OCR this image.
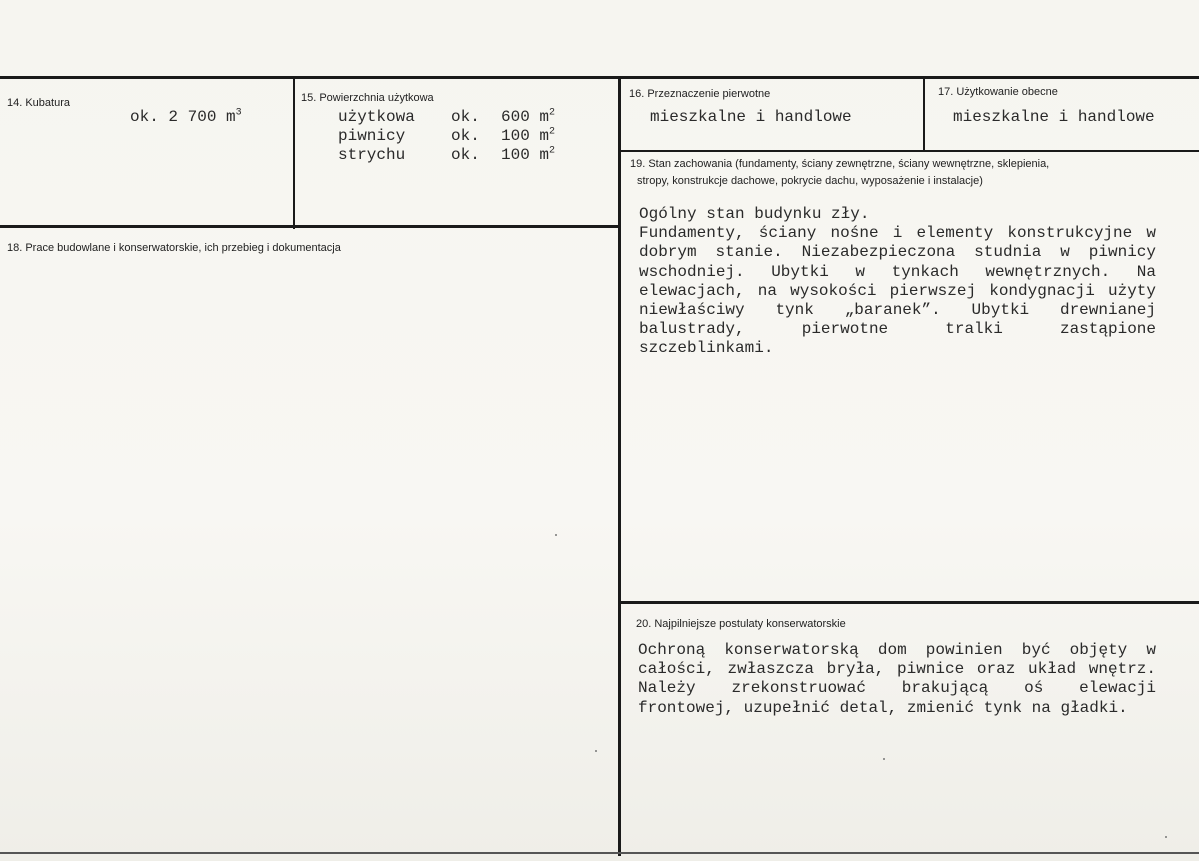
14. Kubatura
ok. 2 700 $m^3$
15. Powierzchnia użytkowa
użytkowa ok. 600 $m^2$
piwnicy	ok. 100 $m^2$
strychu	ok. 100 $m^2$
16. Przeznaczenie pierwotne
mieszkalne i handlowe
17. Użytkowanie obecne
mieszkalne i handlowe
18. Prace budowlane i konserwatorskie, ich przebieg i dokumentacja
19. Stan zachowania (fundamenty, ściany zewnętrzne, ściany wewnętrzne, sklepienia,
stropy, konstrukcje dachowe, pokrycie dachu, wyposażenie i instalacje)

Ogólny stan budynku zły.

Fundamenty, ściany nośne i elementy konstrukcyjne w dobrym stanie. Niezabezpieczona studnia w piwnicy wschodniej. Ubytki w tynkach wewnętrznych. Na elewacjach, na wysokości pierwszej kondygnacji użyty niewłaściwy tynk „baranek”. Ubytki drewnianej balustrady, pierwotne tralki zastąpione szczeblinkami.

20. Najpilniejsze postulaty konserwatorskie
Ochroną konserwatorską dom powinien być objęty w całości, zwłaszcza bryła, piwnice oraz układ wnętrz. Należy zrekonstruować brakującą oś elewacji frontowej, uzupełnić detal, zmienić tynk na gładki.
